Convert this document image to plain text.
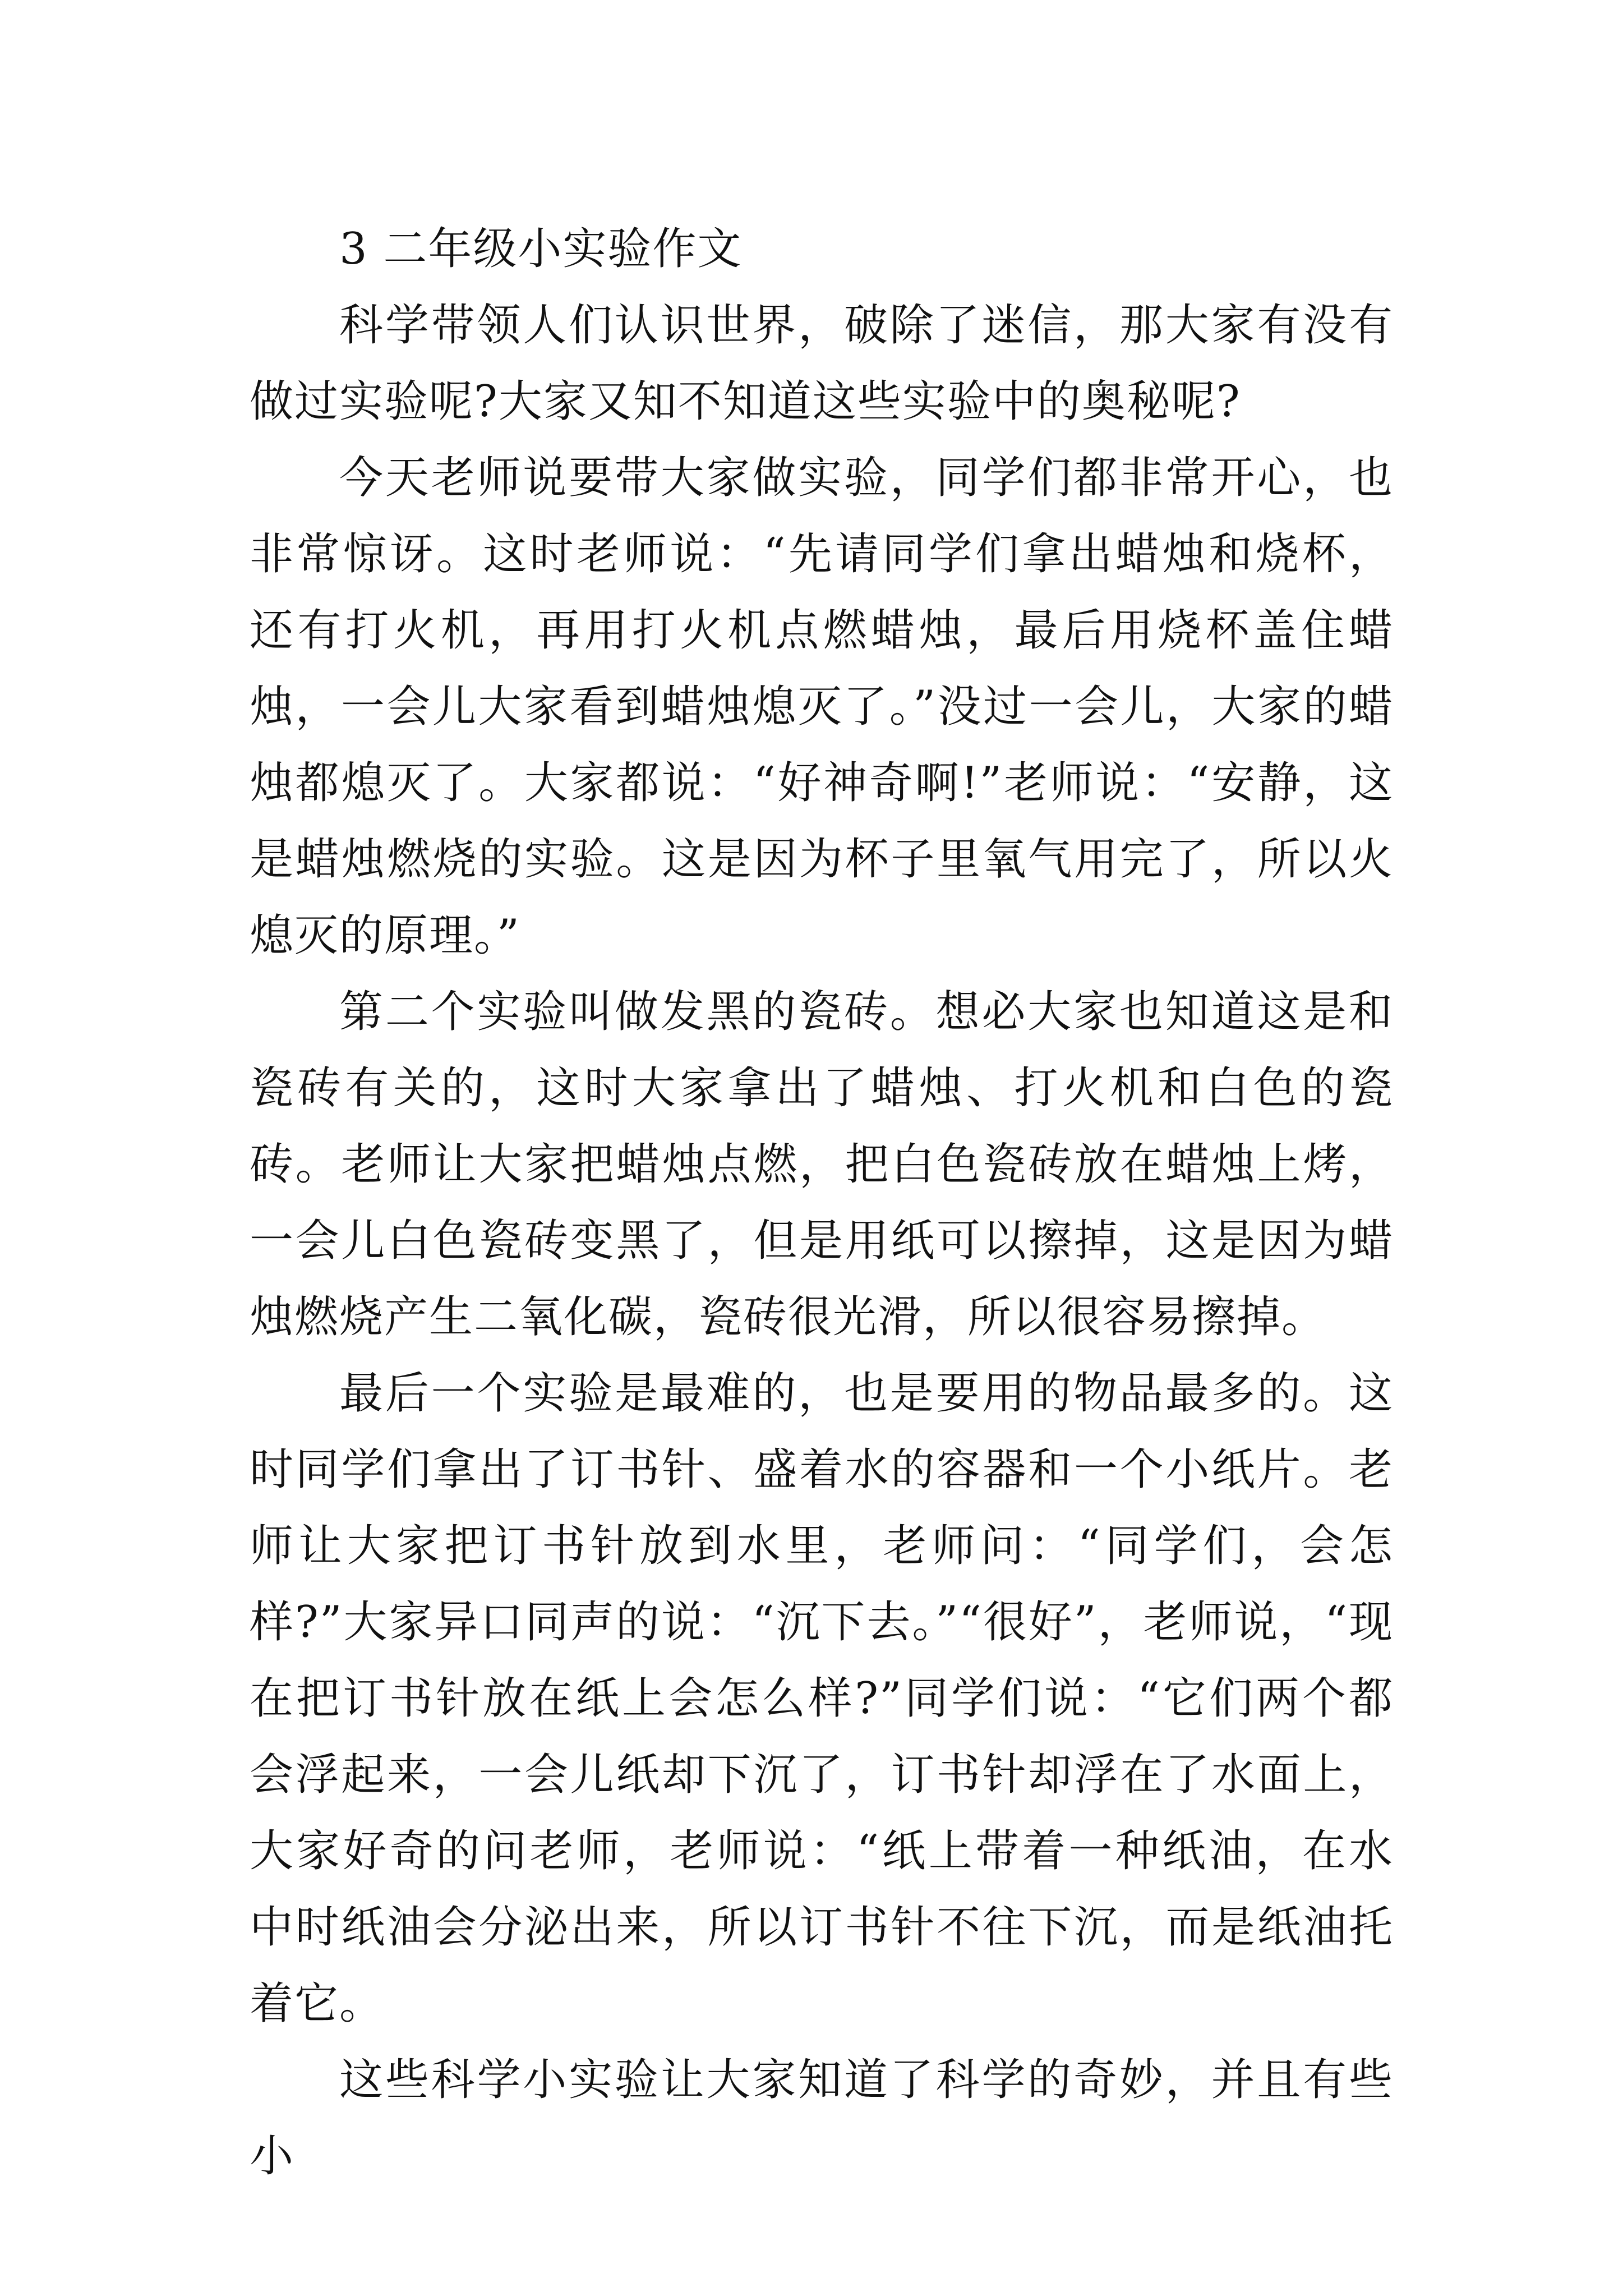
3 二年级小实验作文

科学带领人们认识世界，破除了迷信，那大家有没有做过实验呢?大家又知不知道这些实验中的奥秘呢?

今天老师说要带大家做实验，同学们都非常开心，也非常惊讶。这时老师说：“先请同学们拿出蜡烛和烧杯，还有打火机，再用打火机点燃蜡烛，最后用烧杯盖住蜡烛，一会儿大家看到蜡烛熄灭了。”没过一会儿，大家的蜡烛都熄灭了。大家都说：“好神奇啊!”老师说：“安静，这是蜡烛燃烧的实验。这是因为杯子里氧气用完了，所以火熄灭的原理。”

第二个实验叫做发黑的瓷砖。想必大家也知道这是和瓷砖有关的，这时大家拿出了蜡烛、打火机和白色的瓷砖。老师让大家把蜡烛点燃，把白色瓷砖放在蜡烛上烤，一会儿白色瓷砖变黑了，但是用纸可以擦掉，这是因为蜡烛燃烧产生二氧化碳，瓷砖很光滑，所以很容易擦掉。

最后一个实验是最难的，也是要用的物品最多的。这时同学们拿出了订书针、盛着水的容器和一个小纸片。老师让大家把订书针放到水里，老师问：“同学们，会怎样?”大家异口同声的说：“沉下去。”“很好”，老师说，“现在把订书针放在纸上会怎么样?”同学们说：“它们两个都会浮起来，一会儿纸却下沉了，订书针却浮在了水面上，大家好奇的问老师，老师说：“纸上带着一种纸油，在水中时纸油会分泌出来，所以订书针不往下沉，而是纸油托着它。

这些科学小实验让大家知道了科学的奇妙，并且有些小
